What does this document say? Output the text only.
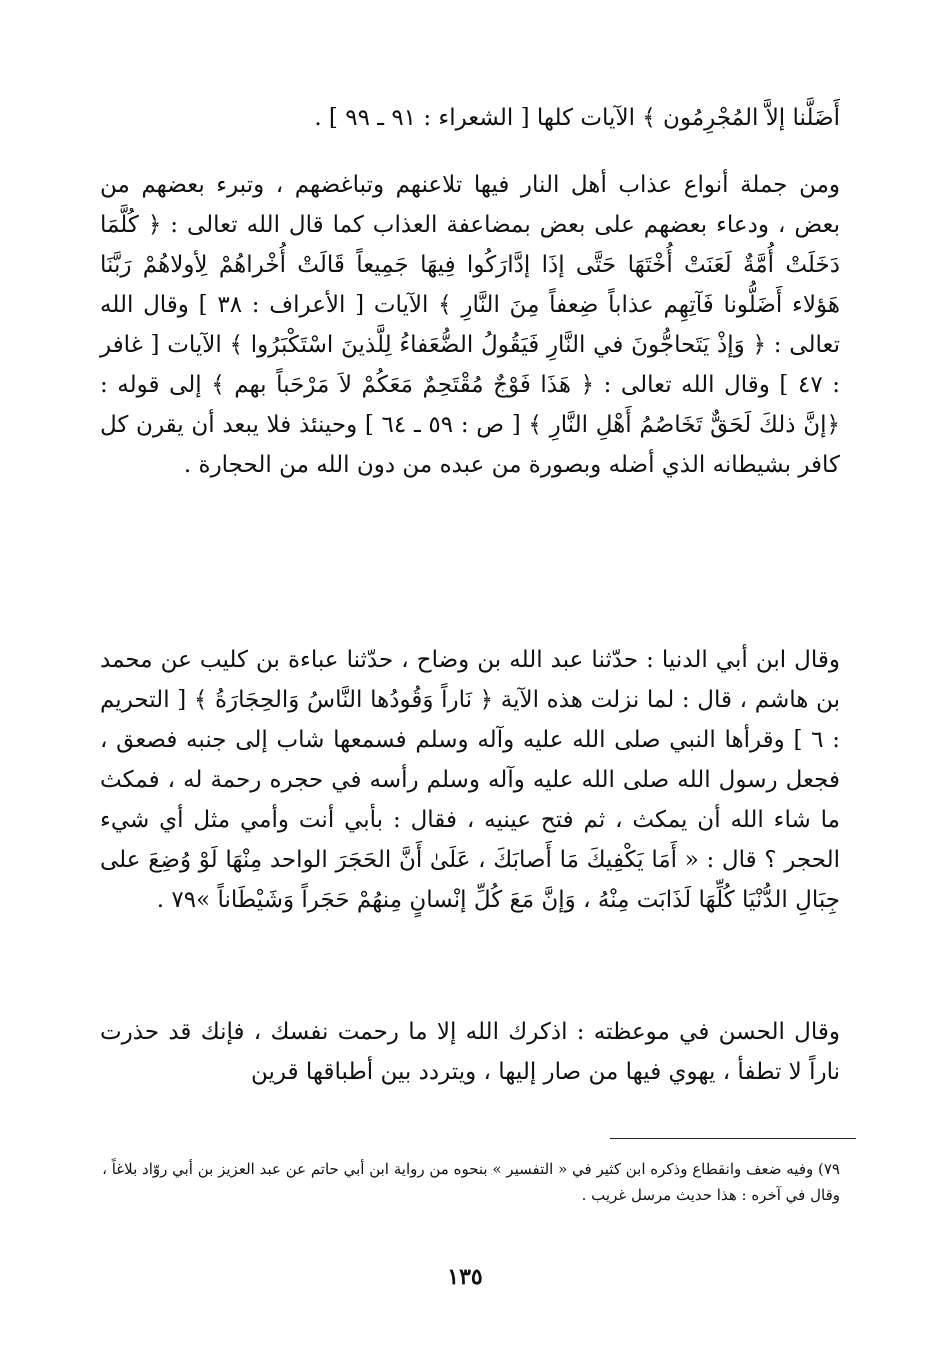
أَضَلَّنا إلاَّ المُجْرِمُون ﴾ الآيات كلها [ الشعراء : ٩١ ـ ٩٩ ] .

ومن جملة أنواع عذاب أهل النار فيها تلاعنهم وتباغضهم ، وتبرء بعضهم من بعض ، ودعاء بعضهم على بعض بمضاعفة العذاب كما قال الله تعالى : ﴿ كُلَّمَا دَخَلَتْ أُمَّةٌ لَعَنَتْ أُخْتَهَا حَتَّى إذَا إدَّارَكُوا فِيهَا جَمِيعاً قَالَتْ أُخْراهُمْ لِأولاهُمْ رَبَّنَا هَؤلاء أَضَلُّونا فَآتِهِم عذاباً ضِعفاً مِنَ النَّارِ ﴾ الآيات [ الأعراف : ٣٨ ] وقال الله تعالى : ﴿ وَإذْ يَتَحاجُّونَ في النَّارِ فَيَقُولُ الضُّعَفاءُ لِلَّذينَ اسْتَكْبَرُوا ﴾ الآيات [ غافر : ٤٧ ] وقال الله تعالى : ﴿ هَذَا فَوْجٌ مُقْتَحِمٌ مَعَكُمْ لاَ مَرْحَباً بهم ﴾ إلى قوله : ﴿إنَّ ذلكَ لَحَقٌّ تَخَاصُمُ أَهْلِ النَّارِ ﴾ [ ص : ٥٩ ـ ٦٤ ] وحينئذ فلا يبعد أن يقرن كل كافر بشيطانه الذي أضله وبصورة من عبده من دون الله من الحجارة .

وقال ابن أبي الدنيا : حدّثنا عبد الله بن وضاح ، حدّثنا عباءة بن كليب عن محمد بن هاشم ، قال : لما نزلت هذه الآية ﴿ نَاراً وَقُودُها النَّاسُ وَالحِجَارَةُ ﴾ [ التحريم : ٦ ] وقرأها النبي صلى الله عليه وآله وسلم فسمعها شاب إلى جنبه فصعق ، فجعل رسول الله صلى الله عليه وآله وسلم رأسه في حجره رحمة له ، فمكث ما شاء الله أن يمكث ، ثم فتح عينيه ، فقال : بأبي أنت وأمي مثل أي شيء الحجر ؟ قال : « أَمَا يَكْفِيكَ مَا أَصابَكَ ، عَلَىٰ أَنَّ الحَجَرَ الواحد مِنْهَا لَوْ وُضِعَ على جِبَالِ الدُّنْيَا كُلِّهَا لَذَابَت مِنْهُ ، وَإنَّ مَعَ كُلِّ إنْسانٍ مِنهُمْ حَجَراً وَشَيْطَاناً »٧٩ .

وقال الحسن في موعظته : اذكرك الله إلا ما رحمت نفسك ، فإنك قد حذرت ناراً لا تطفأ ، يهوي فيها من صار إليها ، ويتردد بين أطباقها قرين

٧٩) وفيه ضعف وانقطاع وذكره ابن كثير في « التفسير » بنحوه من رواية ابن أبي حاتم عن عبد العزيز بن أبي روّاد بلاغاً ، وقال في آخره : هذا حديث مرسل غريب .

١٣٥
